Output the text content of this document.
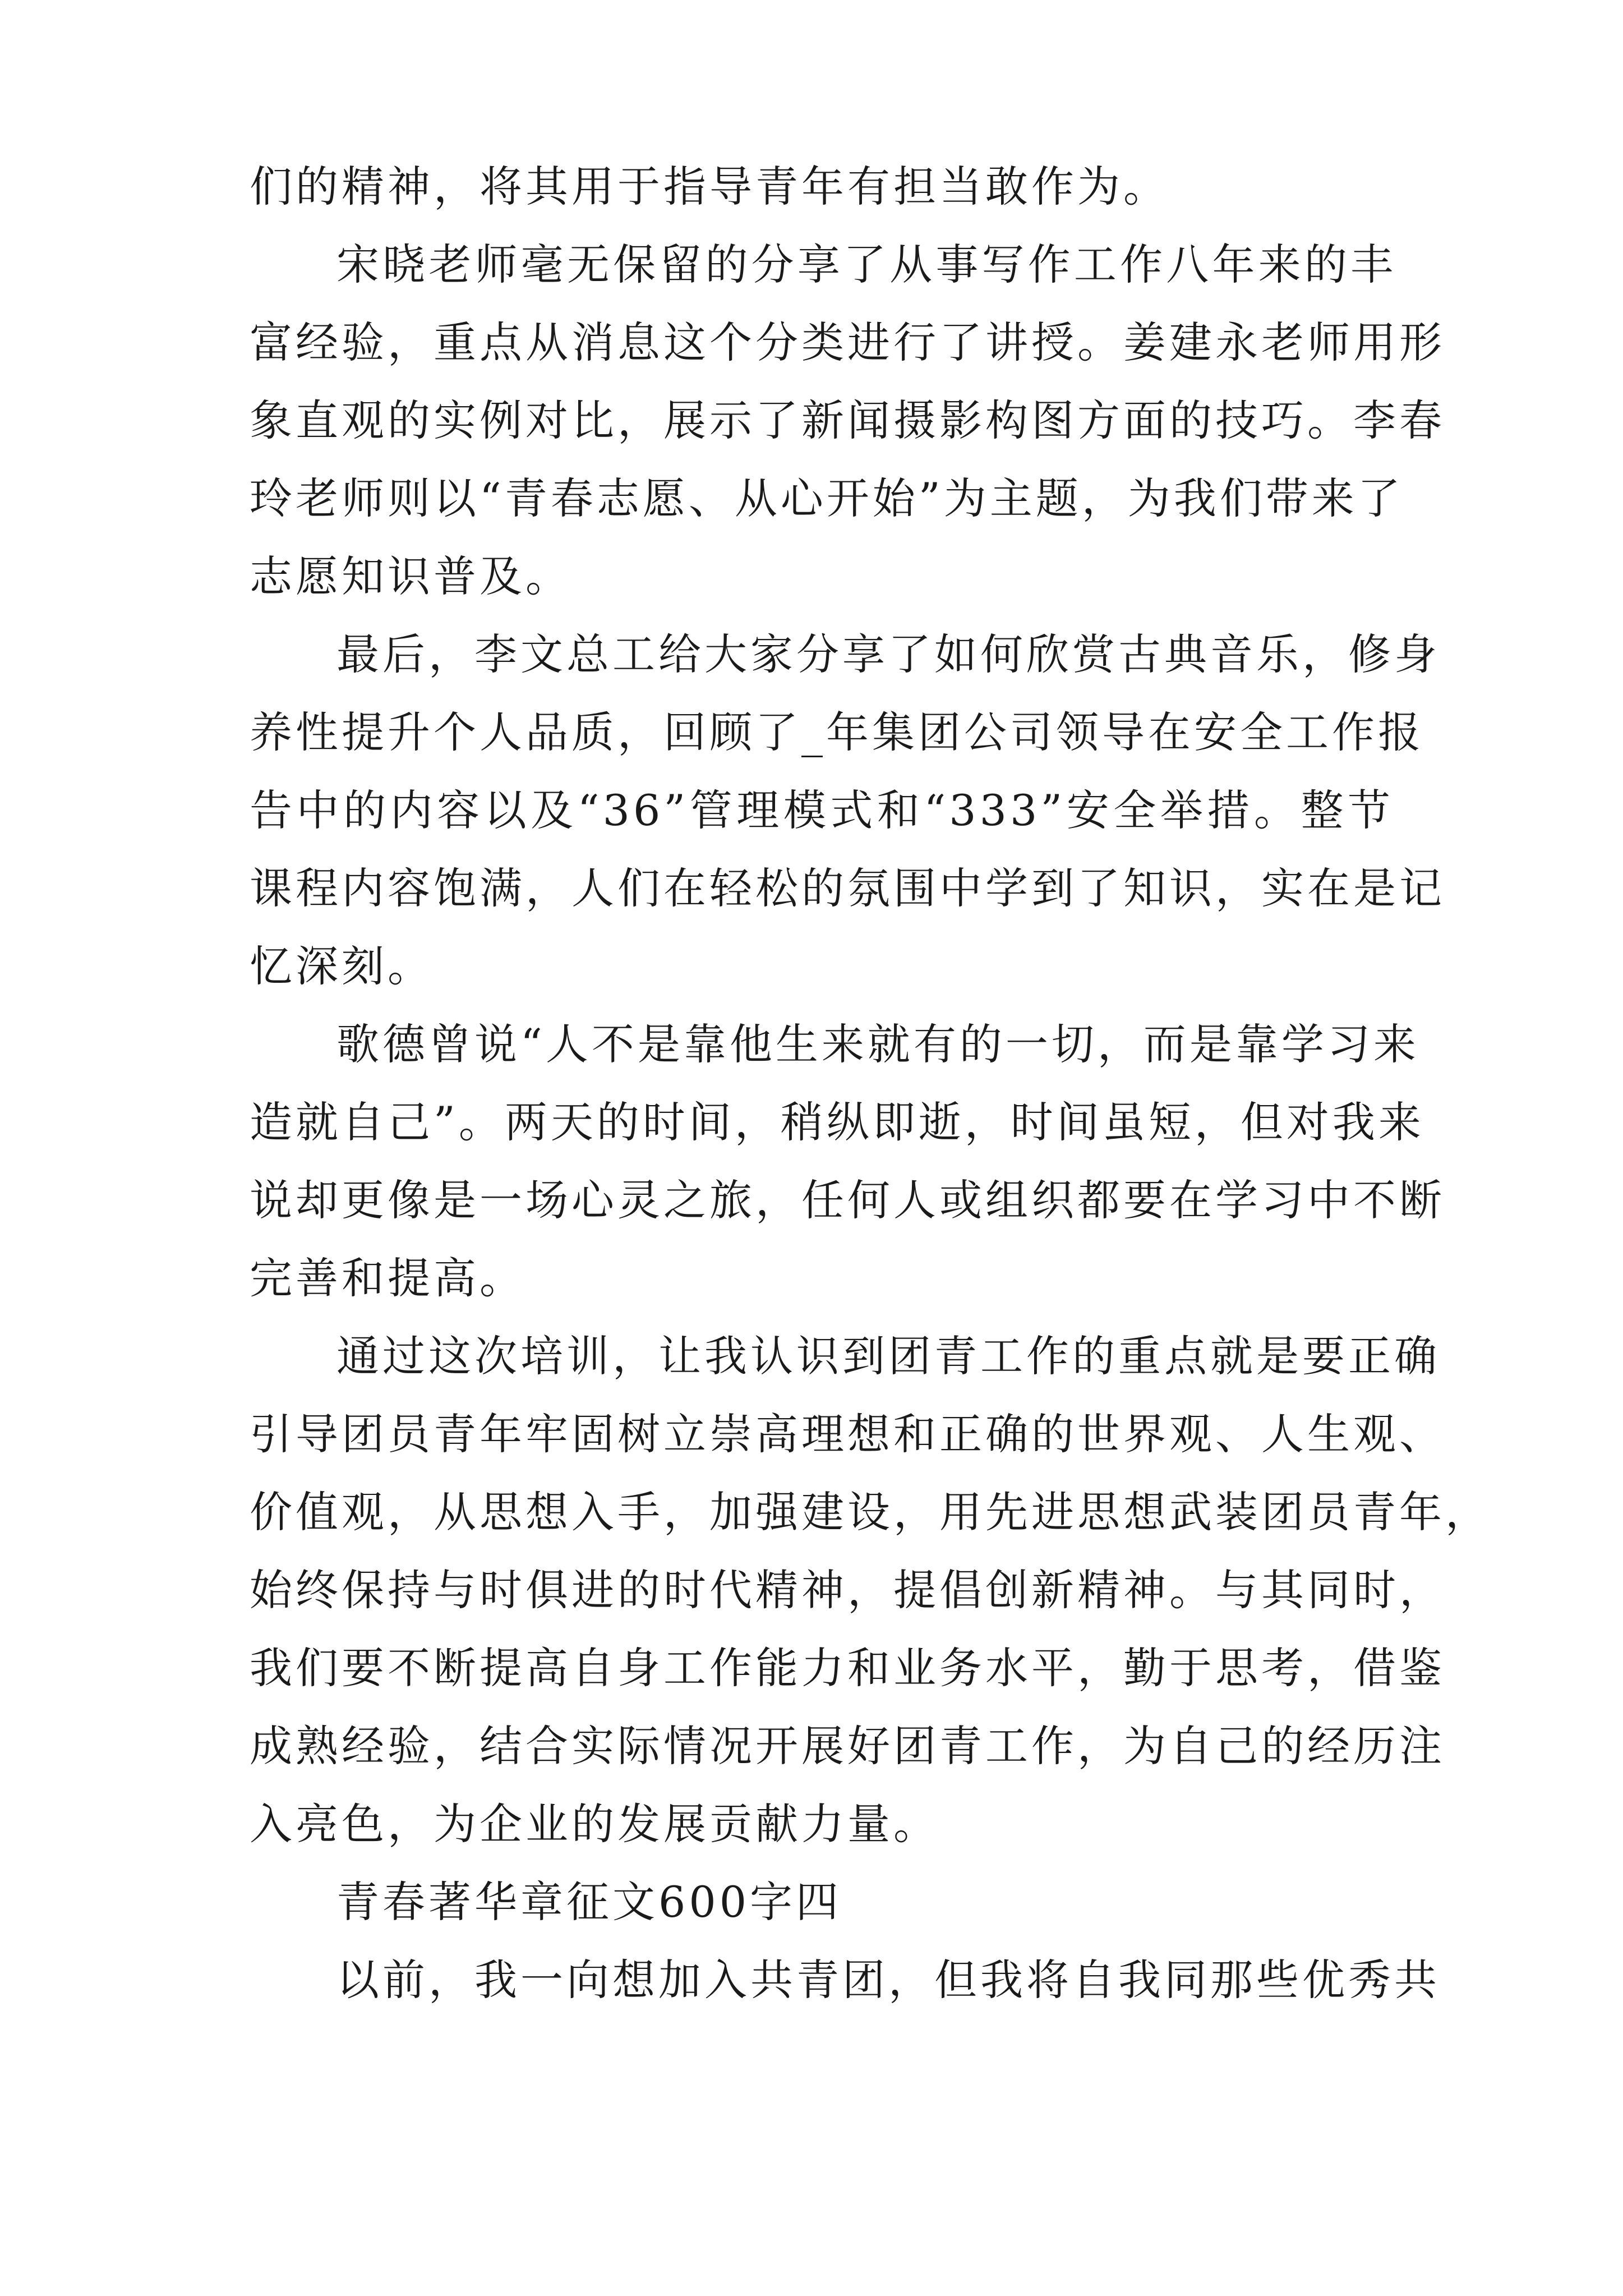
们的精神，将其用于指导青年有担当敢作为。
宋晓老师毫无保留的分享了从事写作工作八年来的丰
富经验，重点从消息这个分类进行了讲授。姜建永老师用形
象直观的实例对比，展示了新闻摄影构图方面的技巧。李春
玲老师则以“青春志愿、从心开始”为主题，为我们带来了
志愿知识普及。
最后，李文总工给大家分享了如何欣赏古典音乐，修身
养性提升个人品质，回顾了_年集团公司领导在安全工作报
告中的内容以及“36”管理模式和“333”安全举措。整节
课程内容饱满，人们在轻松的氛围中学到了知识，实在是记
忆深刻。
歌德曾说“人不是靠他生来就有的一切，而是靠学习来
造就自己”。两天的时间，稍纵即逝，时间虽短，但对我来
说却更像是一场心灵之旅，任何人或组织都要在学习中不断
完善和提高。
通过这次培训，让我认识到团青工作的重点就是要正确
引导团员青年牢固树立崇高理想和正确的世界观、人生观、
价值观，从思想入手，加强建设，用先进思想武装团员青年，
始终保持与时俱进的时代精神，提倡创新精神。与其同时，
我们要不断提高自身工作能力和业务水平，勤于思考，借鉴
成熟经验，结合实际情况开展好团青工作，为自己的经历注
入亮色，为企业的发展贡献力量。
青春著华章征文600字四
以前，我一向想加入共青团，但我将自我同那些优秀共
